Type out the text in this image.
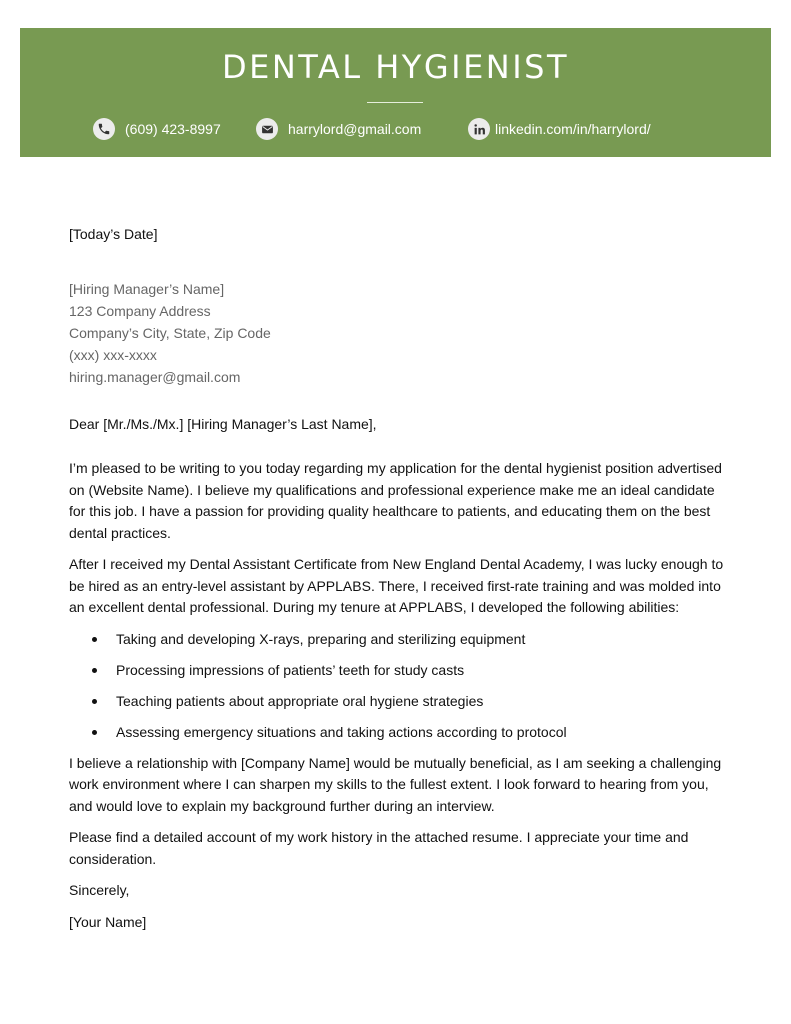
DENTAL HYGIENIST
(609) 423-8997	harrylord@gmail.com	linkedin.com/in/harrylord/
[Today’s Date]
[Hiring Manager’s Name]
123 Company Address
Company’s City, State, Zip Code
(xxx) xxx-xxxx
hiring.manager@gmail.com
Dear [Mr./Ms./Mx.] [Hiring Manager’s Last Name],

I’m pleased to be writing to you today regarding my application for the dental hygienist position advertised on (Website Name). I believe my qualifications and professional experience make me an ideal candidate for this job. I have a passion for providing quality healthcare to patients, and educating them on the best dental practices.

After I received my Dental Assistant Certificate from New England Dental Academy, I was lucky enough to be hired as an entry-level assistant by APPLABS. There, I received first-rate training and was molded into an excellent dental professional. During my tenure at APPLABS, I developed the following abilities:

Taking and developing X-rays, preparing and sterilizing equipment
Processing impressions of patients’ teeth for study casts
Teaching patients about appropriate oral hygiene strategies
Assessing emergency situations and taking actions according to protocol

I believe a relationship with [Company Name] would be mutually beneficial, as I am seeking a challenging work environment where I can sharpen my skills to the fullest extent. I look forward to hearing from you, and would love to explain my background further during an interview.

Please find a detailed account of my work history in the attached resume. I appreciate your time and consideration.

Sincerely,
[Your Name]
